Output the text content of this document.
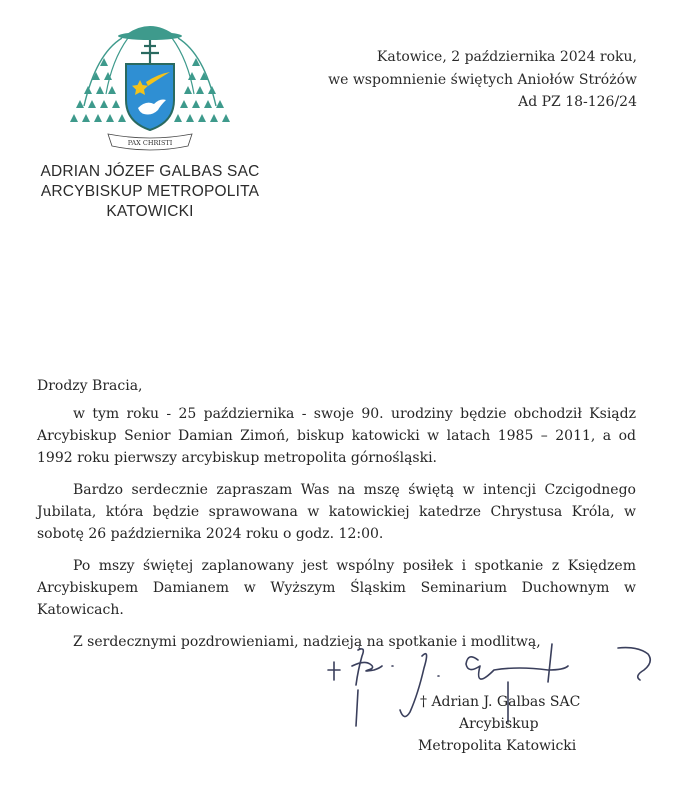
PAX CHRISTI
ADRIAN JÓZEF GALBAS SAC
ARCYBISKUP METROPOLITA
KATOWICKI
Katowice, 2 października 2024 roku,
we wspomnienie świętych Aniołów Stróżów
Ad PZ 18-126/24

Drodzy Bracia,

w tym roku - 25 października - swoje 90. urodziny będzie obchodził Ksiądz Arcybiskup Senior Damian Zimoń, biskup katowicki w latach 1985 – 2011, a od 1992 roku pierwszy arcybiskup metropolita górnośląski.

Bardzo serdecznie zapraszam Was na mszę świętą w intencji Czcigodnego Jubilata, która będzie sprawowana w katowickiej katedrze Chrystusa Króla, w sobotę 26 października 2024 roku o godz. 12:00.

Po mszy świętej zaplanowany jest wspólny posiłek i spotkanie z Księdzem Arcybiskupem Damianem w Wyższym Śląskim Seminarium Duchownym w Katowicach.

Z serdecznymi pozdrowieniami, nadzieją na spotkanie i modlitwą,

† Adrian J. Galbas SAC
Arcybiskup
Metropolita Katowicki
